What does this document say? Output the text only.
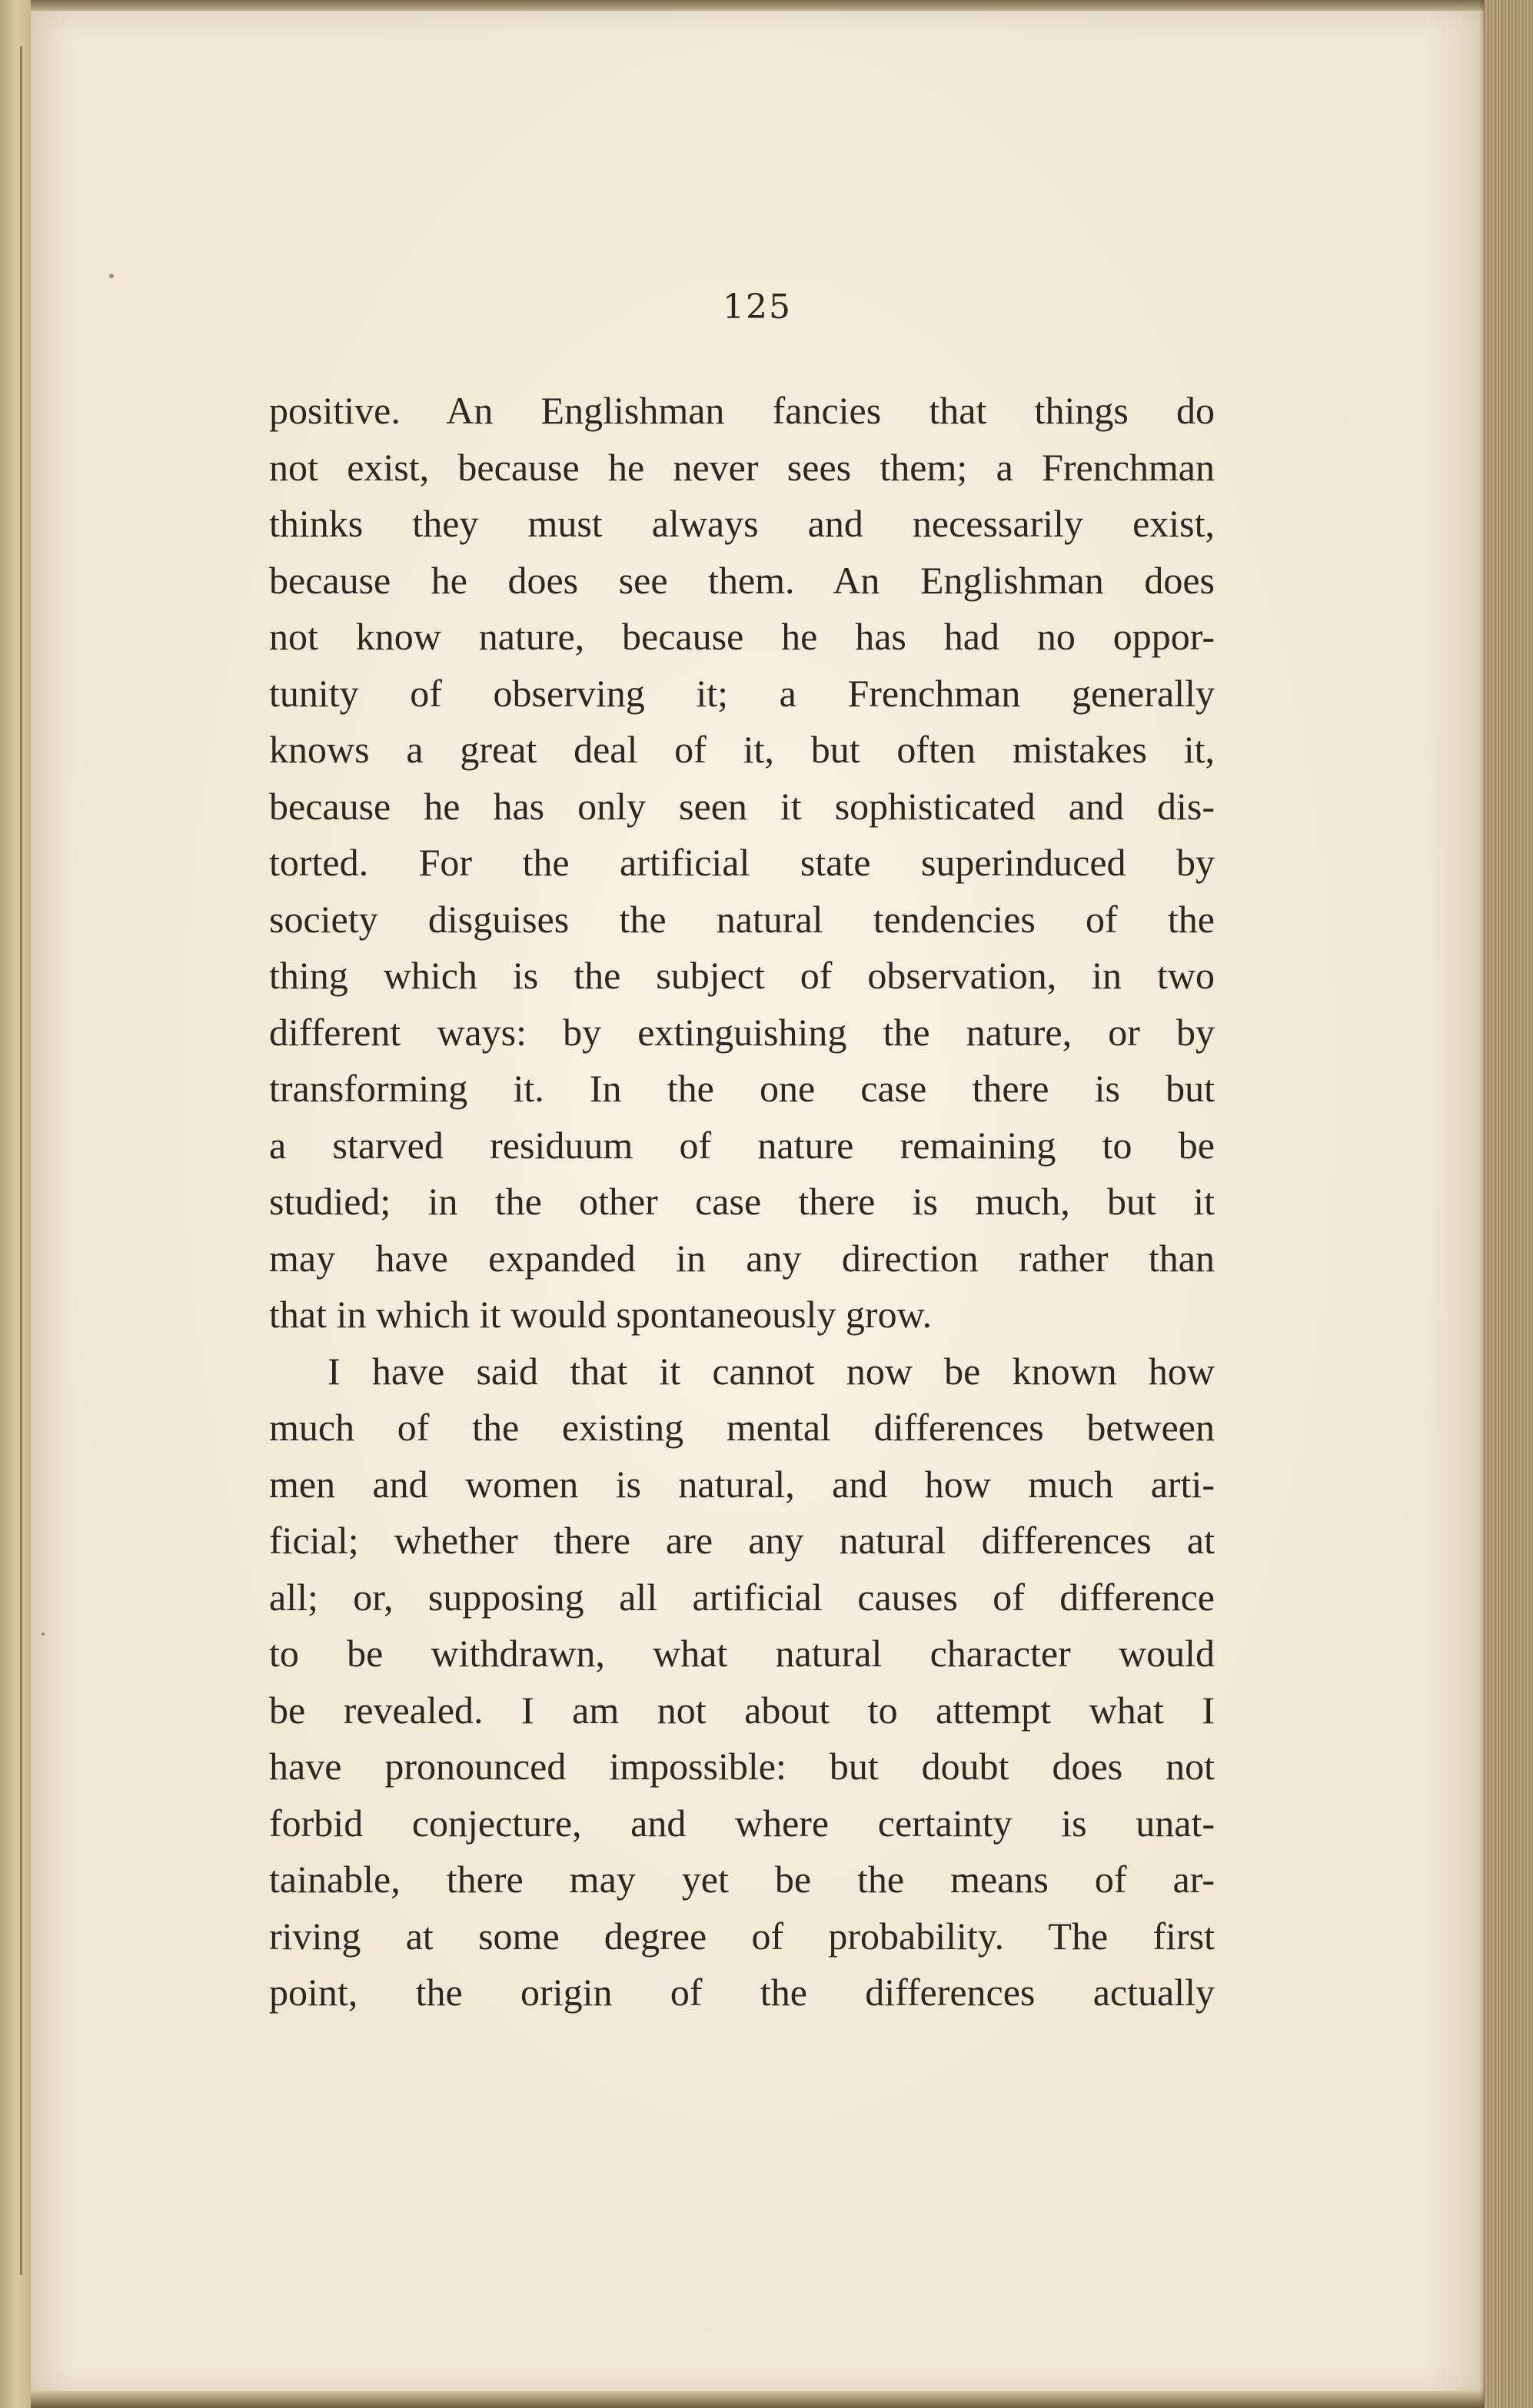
125
positive. An Englishman fancies that things do
not exist, because he never sees them; a Frenchman
thinks they must always and necessarily exist,
because he does see them. An Englishman does
not know nature, because he has had no oppor-
tunity of observing it; a Frenchman generally
knows a great deal of it, but often mistakes it,
because he has only seen it sophisticated and dis-
torted. For the artificial state superinduced by
society disguises the natural tendencies of the
thing which is the subject of observation, in two
different ways: by extinguishing the nature, or by
transforming it. In the one case there is but
a starved residuum of nature remaining to be
studied; in the other case there is much, but it
may have expanded in any direction rather than
that in which it would spontaneously grow.
I have said that it cannot now be known how
much of the existing mental differences between
men and women is natural, and how much arti-
ficial; whether there are any natural differences at
all; or, supposing all artificial causes of difference
to be withdrawn, what natural character would
be revealed. I am not about to attempt what I
have pronounced impossible: but doubt does not
forbid conjecture, and where certainty is unat-
tainable, there may yet be the means of ar-
riving at some degree of probability. The first
point, the origin of the differences actually
